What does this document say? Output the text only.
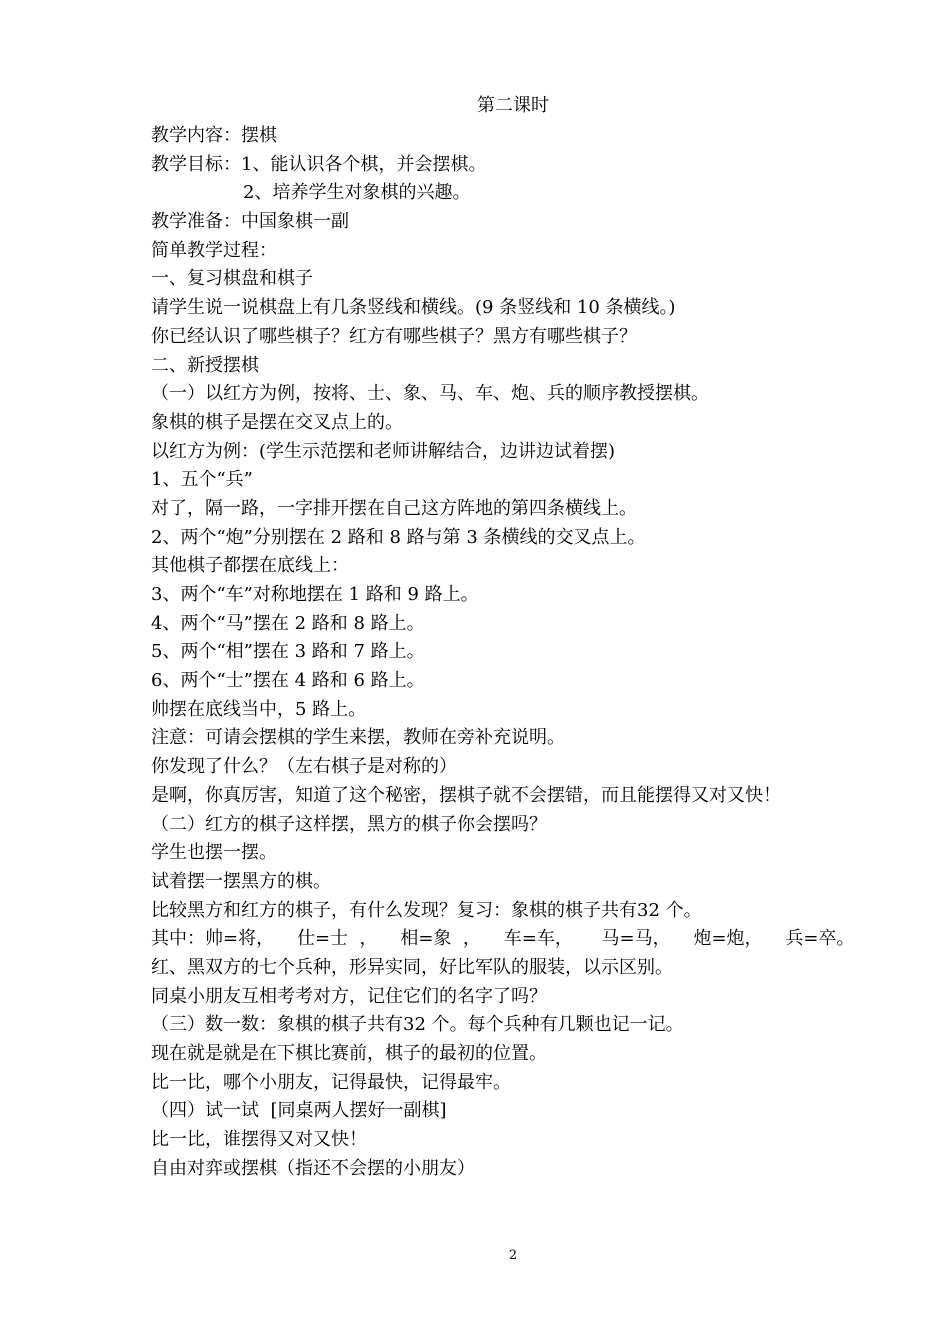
第二课时
教学内容：摆棋
教学目标：1、能认识各个棋，并会摆棋。
2、培养学生对象棋的兴趣。
教学准备：中国象棋一副
简单教学过程：
一、复习棋盘和棋子
请学生说一说棋盘上有几条竖线和横线。(9 条竖线和 10 条横线。)
你已经认识了哪些棋子？红方有哪些棋子？黑方有哪些棋子？
二、新授摆棋
（一）以红方为例，按将、士、象、马、车、炮、兵的顺序教授摆棋。
象棋的棋子是摆在交叉点上的。
以红方为例：(学生示范摆和老师讲解结合，边讲边试着摆)
1、五个“兵”
对了，隔一路，一字排开摆在自己这方阵地的第四条横线上。
2、两个“炮”分别摆在 2 路和 8 路与第 3 条横线的交叉点上。
其他棋子都摆在底线上：
3、两个“车”对称地摆在 1 路和 9 路上。
4、两个“马”摆在 2 路和 8 路上。
5、两个“相”摆在 3 路和 7 路上。
6、两个“士”摆在 4 路和 6 路上。
帅摆在底线当中，5 路上。
注意：可请会摆棋的学生来摆，教师在旁补充说明。
你发现了什么？（左右棋子是对称的）
是啊，你真厉害，知道了这个秘密，摆棋子就不会摆错，而且能摆得又对又快！
（二）红方的棋子这样摆，黑方的棋子你会摆吗？
学生也摆一摆。
试着摆一摆黑方的棋。
比较黑方和红方的棋子，有什么发现？复习：象棋的棋子共有32 个。
其中：帅=将，    仕=士  ，    相=象  ，    车=车，     马=马，    炮=炮，    兵=卒。
红、黑双方的七个兵种，形异实同，好比军队的服装，以示区别。
同桌小朋友互相考考对方，记住它们的名字了吗？
（三）数一数：象棋的棋子共有32 个。每个兵种有几颗也记一记。
现在就是就是在下棋比赛前，棋子的最初的位置。
比一比，哪个小朋友，记得最快，记得最牢。
（四）试一试  [同桌两人摆好一副棋]
比一比，谁摆得又对又快！
自由对弈或摆棋（指还不会摆的小朋友）
2
